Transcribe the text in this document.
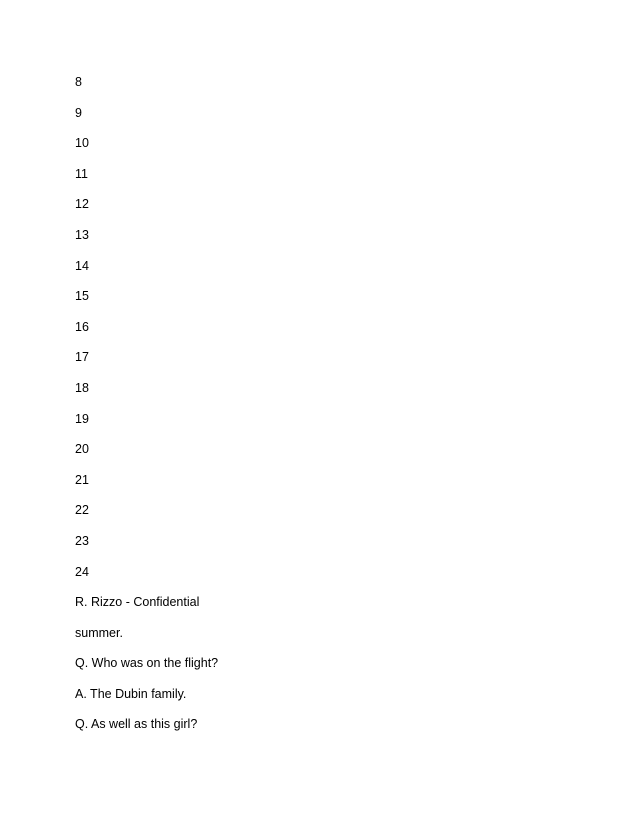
8
9
10
11
12
13
14
15
16
17
18
19
20
21
22
23
24
R. Rizzo - Confidential
summer.
Q. Who was on the flight?
A. The Dubin family.
Q. As well as this girl?
